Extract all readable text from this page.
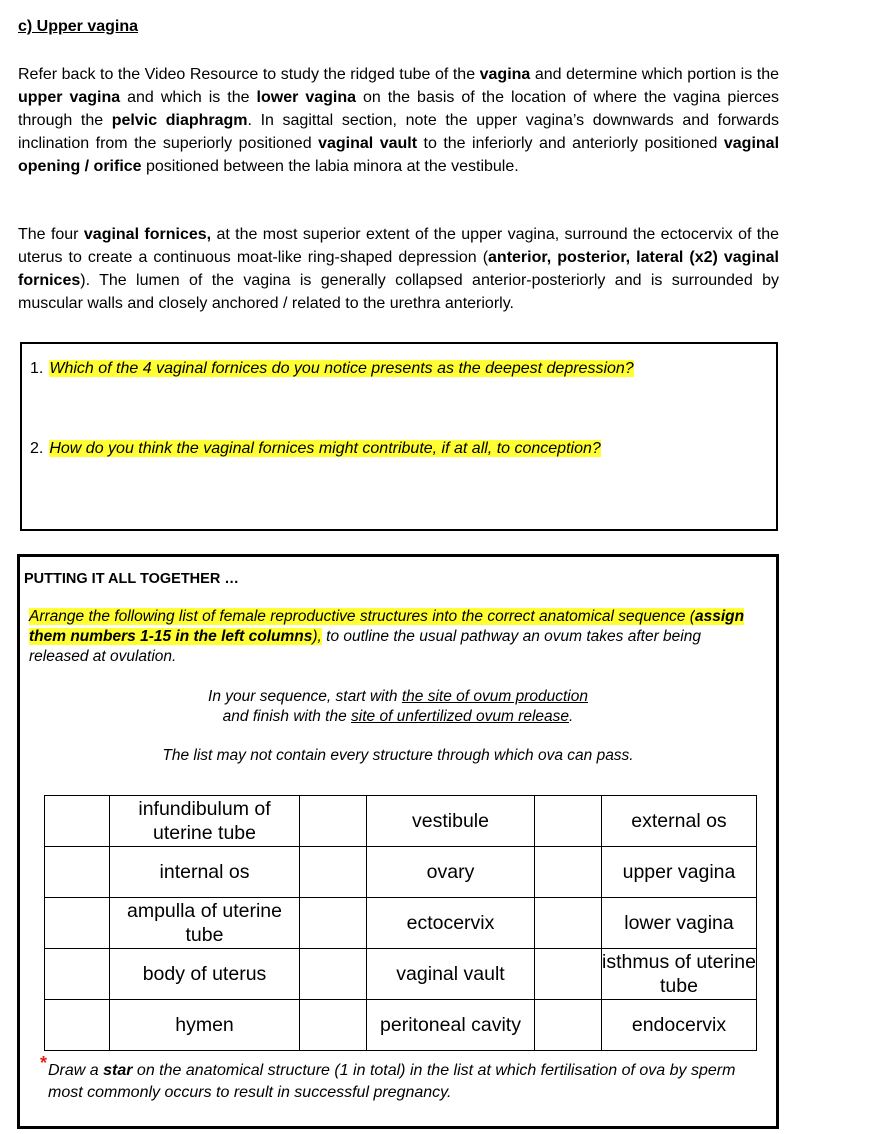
c) Upper vagina
Refer back to the Video Resource to study the ridged tube of the vagina and determine which portion is the upper vagina and which is the lower vagina on the basis of the location of where the vagina pierces through the pelvic diaphragm. In sagittal section, note the upper vagina’s downwards and forwards inclination from the superiorly positioned vaginal vault to the inferiorly and anteriorly positioned vaginal opening / orifice positioned between the labia minora at the vestibule.
The four vaginal fornices, at the most superior extent of the upper vagina, surround the ectocervix of the uterus to create a continuous moat-like ring-shaped depression (anterior, posterior, lateral (x2) vaginal fornices). The lumen of the vagina is generally collapsed anterior-posteriorly and is surrounded by muscular walls and closely anchored / related to the urethra anteriorly.
1. Which of the 4 vaginal fornices do you notice presents as the deepest depression?
2. How do you think the vaginal fornices might contribute, if at all, to conception?
PUTTING IT ALL TOGETHER …
Arrange the following list of female reproductive structures into the correct anatomical sequence (assign them numbers 1-15 in the left columns), to outline the usual pathway an ovum takes after being released at ovulation.
In your sequence, start with the site of ovum production
and finish with the site of unfertilized ovum release.
The list may not contain every structure through which ova can pass.
	infundibulum of uterine tube		vestibule		external os
	internal os		ovary		upper vagina
	ampulla of uterine tube		ectocervix		lower vagina
	body of uterus		vaginal vault		isthmus of uterine tube
	hymen		peritoneal cavity		endocervix
* Draw a star on the anatomical structure (1 in total) in the list at which fertilisation of ova by sperm most commonly occurs to result in successful pregnancy.
